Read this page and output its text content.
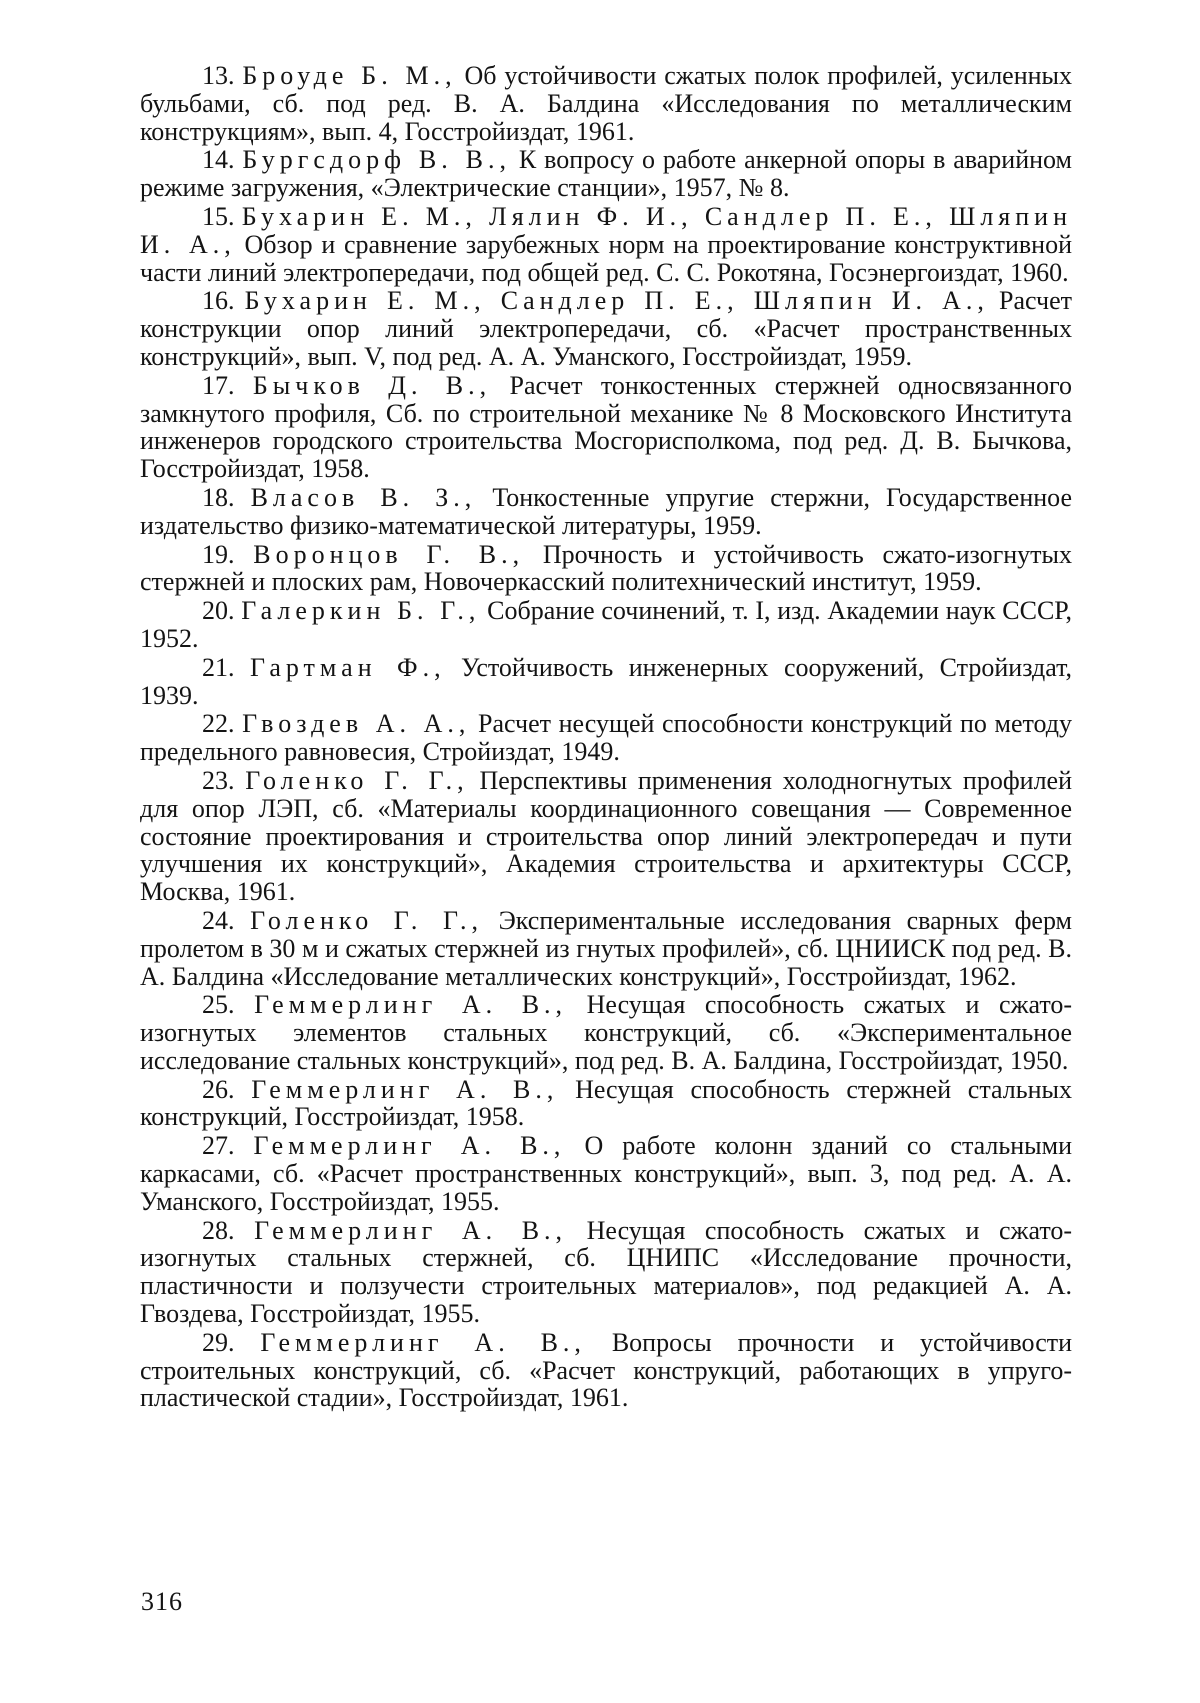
13. Броуде Б. М., Об устойчивости сжатых полок профилей, усиленных бульбами, сб. под ред. В. А. Балдина «Исследования по металлическим конструкциям», вып. 4, Госстройиздат, 1961.

14. Бургсдорф В. В., К вопросу о работе анкерной опоры в аварийном режиме загружения, «Электрические станции», 1957, № 8.

15. Бухарин Е. М., Лялин Ф. И., Сандлер П. Е., Шляпин И. А., Обзор и сравнение зарубежных норм на проектирование конструктивной части линий электропередачи, под общей ред. С. С. Рокотяна, Госэнергоиздат, 1960.

16. Бухарин Е. М., Сандлер П. Е., Шляпин И. А., Расчет конструкции опор линий электропередачи, сб. «Расчет пространственных конструкций», вып. V, под ред. А. А. Уманского, Госстройиздат, 1959.

17. Бычков Д. В., Расчет тонкостенных стержней односвязанного замкнутого профиля, Сб. по строительной механике № 8 Московского Института инженеров городского строительства Мосгорисполкома, под ред. Д. В. Бычкова, Госстройиздат, 1958.

18. Власов В. З., Тонкостенные упругие стержни, Государственное издательство физико-математической литературы, 1959.

19. Воронцов Г. В., Прочность и устойчивость сжато-изогнутых стержней и плоских рам, Новочеркасский политехнический институт, 1959.

20. Галеркин Б. Г., Собрание сочинений, т. I, изд. Академии наук СССР, 1952.

21. Гартман Ф., Устойчивость инженерных сооружений, Стройиздат, 1939.

22. Гвоздев А. А., Расчет несущей способности конструкций по методу предельного равновесия, Стройиздат, 1949.

23. Голенко Г. Г., Перспективы применения холодногнутых профилей для опор ЛЭП, сб. «Материалы координационного совещания — Современное состояние проектирования и строительства опор линий электропередач и пути улучшения их конструкций», Академия строительства и архитектуры СССР, Москва, 1961.

24. Голенко Г. Г., Экспериментальные исследования сварных ферм пролетом в 30 м и сжатых стержней из гнутых профилей», сб. ЦНИИСК под ред. В. А. Балдина «Исследование металлических конструкций», Госстройиздат, 1962.

25. Геммерлинг А. В., Несущая способность сжатых и сжато-изогнутых элементов стальных конструкций, сб. «Экспериментальное исследование стальных конструкций», под ред. В. А. Балдина, Госстройиздат, 1950.

26. Геммерлинг А. В., Несущая способность стержней стальных конструкций, Госстройиздат, 1958.

27. Геммерлинг А. В., О работе колонн зданий со стальными каркасами, сб. «Расчет пространственных конструкций», вып. 3, под ред. А. А. Уманского, Госстройиздат, 1955.

28. Геммерлинг А. В., Несущая способность сжатых и сжато-изогнутых стальных стержней, сб. ЦНИПС «Исследование прочности, пластичности и ползучести строительных материалов», под редакцией А. А. Гвоздева, Госстройиздат, 1955.

29. Геммерлинг А. В., Вопросы прочности и устойчивости строительных конструкций, сб. «Расчет конструкций, работающих в упруго-пластической стадии», Госстройиздат, 1961.

316
